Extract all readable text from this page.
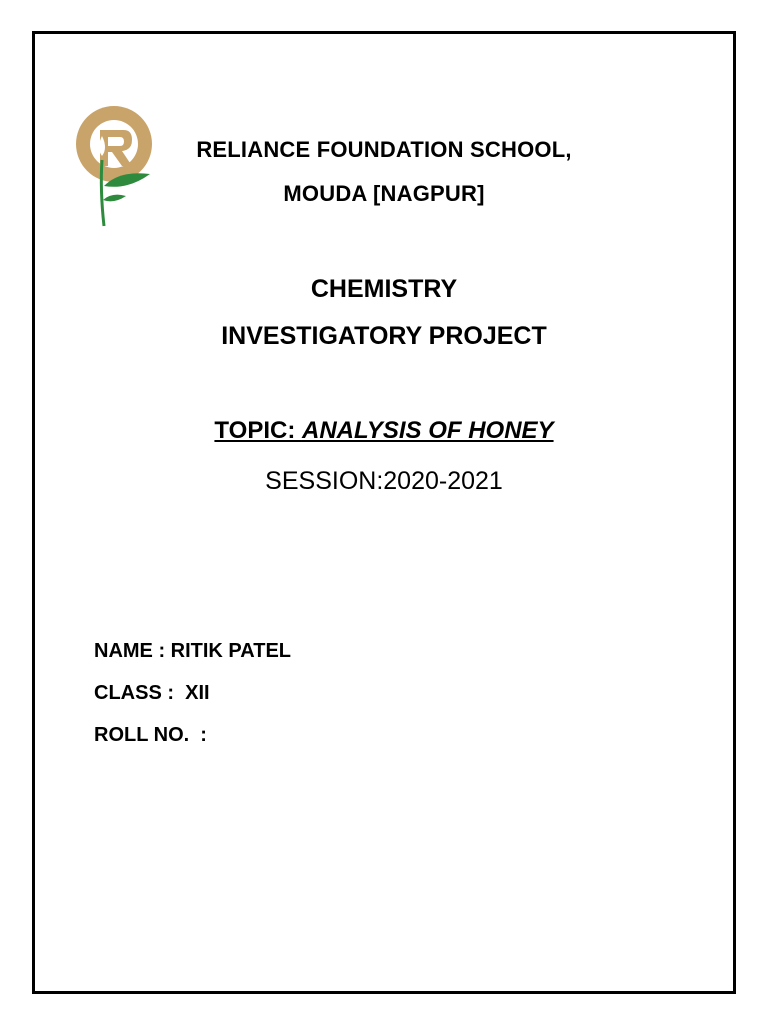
RELIANCE FOUNDATION SCHOOL,
MOUDA [NAGPUR]
CHEMISTRY
INVESTIGATORY PROJECT
TOPIC: ANALYSIS OF HONEY
SESSION:2020-2021
NAME : RITIK PATEL
CLASS :  XII
ROLL NO.  :
